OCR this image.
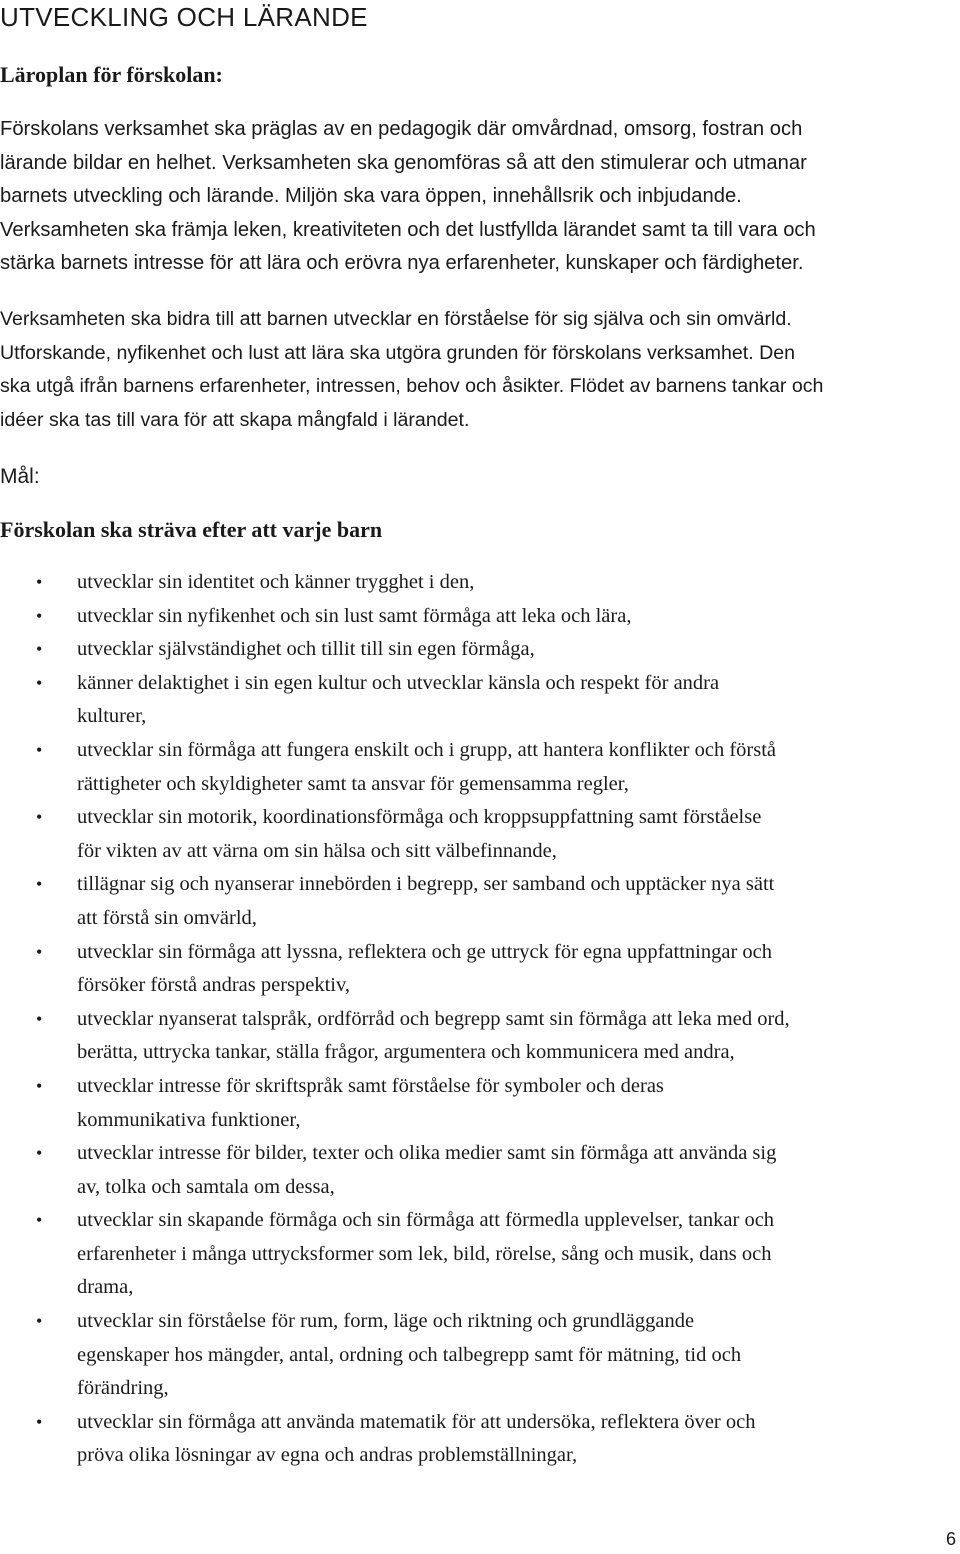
UTVECKLING OCH LÄRANDE
Läroplan för förskolan:
Förskolans verksamhet ska präglas av en pedagogik där omvårdnad, omsorg, fostran och
lärande bildar en helhet. Verksamheten ska genomföras så att den stimulerar och utmanar
barnets utveckling och lärande. Miljön ska vara öppen, innehållsrik och inbjudande.
Verksamheten ska främja leken, kreativiteten och det lustfyllda lärandet samt ta till vara och
stärka barnets intresse för att lära och erövra nya erfarenheter, kunskaper och färdigheter.
Verksamheten ska bidra till att barnen utvecklar en förståelse för sig själva och sin omvärld.
Utforskande, nyfikenhet och lust att lära ska utgöra grunden för förskolans verksamhet. Den
ska utgå ifrån barnens erfarenheter, intressen, behov och åsikter. Flödet av barnens tankar och
idéer ska tas till vara för att skapa mångfald i lärandet.
Mål:
Förskolan ska sträva efter att varje barn
• utvecklar sin identitet och känner trygghet i den,
• utvecklar sin nyfikenhet och sin lust samt förmåga att leka och lära,
• utvecklar självständighet och tillit till sin egen förmåga,
• känner delaktighet i sin egen kultur och utvecklar känsla och respekt för andra
kulturer,
• utvecklar sin förmåga att fungera enskilt och i grupp, att hantera konflikter och förstå
rättigheter och skyldigheter samt ta ansvar för gemensamma regler,
• utvecklar sin motorik, koordinationsförmåga och kroppsuppfattning samt förståelse
för vikten av att värna om sin hälsa och sitt välbefinnande,
• tillägnar sig och nyanserar innebörden i begrepp, ser samband och upptäcker nya sätt
att förstå sin omvärld,
• utvecklar sin förmåga att lyssna, reflektera och ge uttryck för egna uppfattningar och
försöker förstå andras perspektiv,
• utvecklar nyanserat talspråk, ordförråd och begrepp samt sin förmåga att leka med ord,
berätta, uttrycka tankar, ställa frågor, argumentera och kommunicera med andra,
• utvecklar intresse för skriftspråk samt förståelse för symboler och deras
kommunikativa funktioner,
• utvecklar intresse för bilder, texter och olika medier samt sin förmåga att använda sig
av, tolka och samtala om dessa,
• utvecklar sin skapande förmåga och sin förmåga att förmedla upplevelser, tankar och
erfarenheter i många uttrycksformer som lek, bild, rörelse, sång och musik, dans och
drama,
• utvecklar sin förståelse för rum, form, läge och riktning och grundläggande
egenskaper hos mängder, antal, ordning och talbegrepp samt för mätning, tid och
förändring,
• utvecklar sin förmåga att använda matematik för att undersöka, reflektera över och
pröva olika lösningar av egna och andras problemställningar,
6
